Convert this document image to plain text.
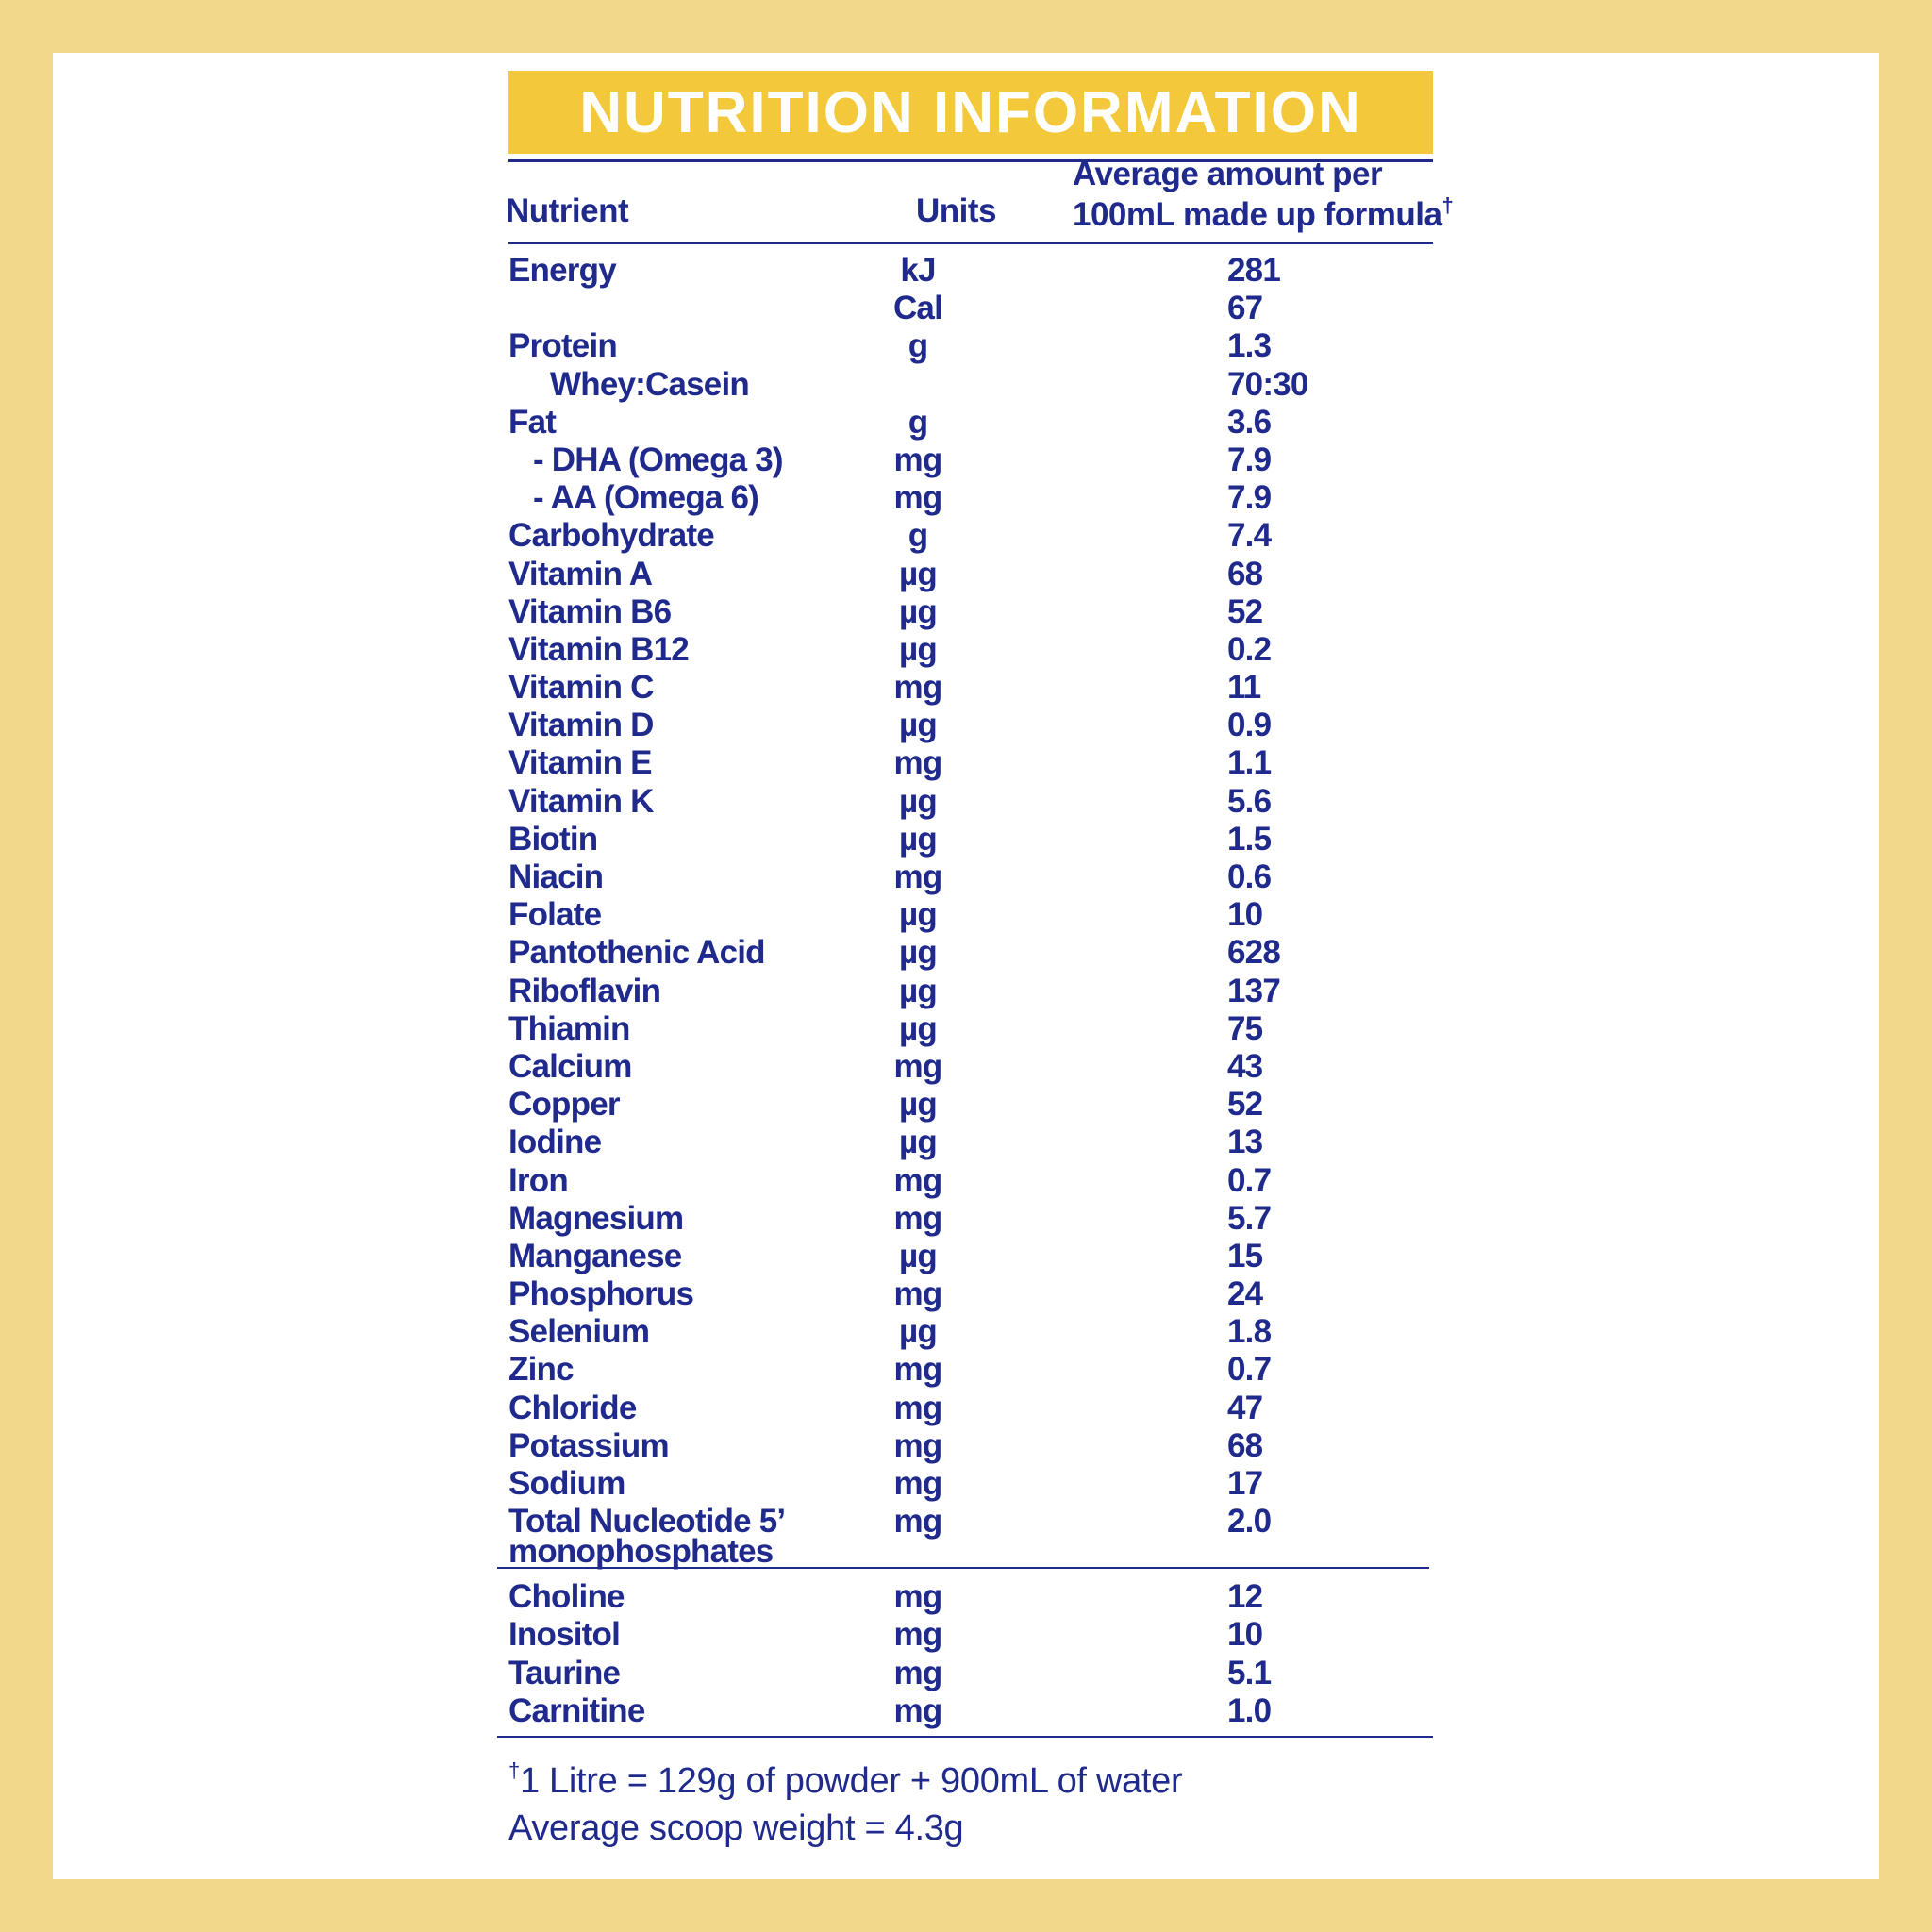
NUTRITION INFORMATION
Nutrient	Units
Average amount per
100mL made up formula†
Energy	kJ	281
Cal	67
Protein	g	1.3
Whey:Casein	70:30
Fat	g	3.6
- DHA (Omega 3)	mg	7.9
- AA (Omega 6)	mg	7.9
Carbohydrate	g	7.4
Vitamin A	µg	68
Vitamin B6	µg	52
Vitamin B12	µg	0.2
Vitamin C	mg	11
Vitamin D	µg	0.9
Vitamin E	mg	1.1
Vitamin K	µg	5.6
Biotin	µg	1.5
Niacin	mg	0.6
Folate	µg	10
Pantothenic Acid	µg	628
Riboflavin	µg	137
Thiamin	µg	75
Calcium	mg	43
Copper	µg	52
Iodine	µg	13
Iron	mg	0.7
Magnesium	mg	5.7
Manganese	µg	15
Phosphorus	mg	24
Selenium	µg	1.8
Zinc	mg	0.7
Chloride	mg	47
Potassium	mg	68
Sodium	mg	17
Total Nucleotide 5’
monophosphates
mg	2.0
Choline	mg	12
Inositol	mg	10
Taurine	mg	5.1
Carnitine	mg	1.0
†1 Litre = 129g of powder + 900mL of water
Average scoop weight = 4.3g
